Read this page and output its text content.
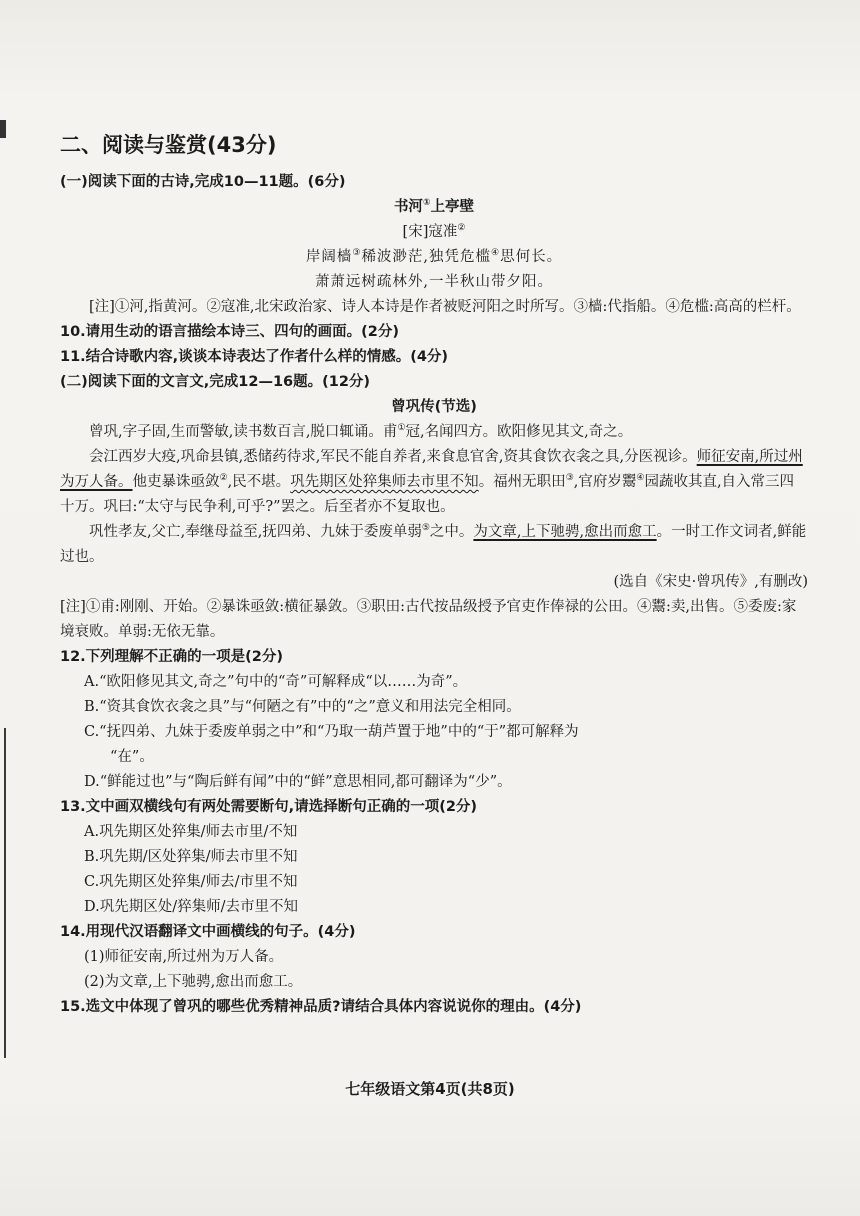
二、阅读与鉴赏(43分)

(一)阅读下面的古诗,完成10—11题。(6分)

书河①上亭壁

[宋]寇准②

岸阔樯③稀波渺茫,独凭危槛④思何长。

萧萧远树疏林外,一半秋山带夕阳。

[注]①河,指黄河。②寇准,北宋政治家、诗人本诗是作者被贬河阳之时所写。③樯:代指船。④危槛:高高的栏杆。

10.请用生动的语言描绘本诗三、四句的画面。(2分)

11.结合诗歌内容,谈谈本诗表达了作者什么样的情感。(4分)

(二)阅读下面的文言文,完成12—16题。(12分)

曾巩传(节选)

曾巩,字子固,生而警敏,读书数百言,脱口辄诵。甫①冠,名闻四方。欧阳修见其文,奇之。

会江西岁大疫,巩命县镇,悉储药待求,军民不能自养者,来食息官舍,资其食饮衣衾之具,分医视诊。师征安南,所过州为万人备。他吏暴诛亟敛②,民不堪。巩先期区处猝集师去市里不知。福州无职田③,官府岁鬻④园蔬收其直,自入常三四十万。巩曰:“太守与民争利,可乎?”罢之。后至者亦不复取也。

巩性孝友,父亡,奉继母益至,抚四弟、九妹于委废单弱⑤之中。为文章,上下驰骋,愈出而愈工。一时工作文词者,鲜能过也。

(选自《宋史·曾巩传》,有删改)

[注]①甫:刚刚、开始。②暴诛亟敛:横征暴敛。③职田:古代按品级授予官吏作俸禄的公田。④鬻:卖,出售。⑤委废:家境衰败。单弱:无依无靠。

12.下列理解不正确的一项是(2分)

A.“欧阳修见其文,奇之”句中的“奇”可解释成“以……为奇”。

B.“资其食饮衣衾之具”与“何陋之有”中的“之”意义和用法完全相同。

C.“抚四弟、九妹于委废单弱之中”和“乃取一葫芦置于地”中的“于”都可解释为

“在”。

D.“鲜能过也”与“陶后鲜有闻”中的“鲜”意思相同,都可翻译为“少”。

13.文中画双横线句有两处需要断句,请选择断句正确的一项(2分)

A.巩先期区处猝集/师去市里/不知

B.巩先期/区处猝集/师去市里不知

C.巩先期区处猝集/师去/市里不知

D.巩先期区处/猝集师/去市里不知

14.用现代汉语翻译文中画横线的句子。(4分)

(1)师征安南,所过州为万人备。

(2)为文章,上下驰骋,愈出而愈工。

15.选文中体现了曾巩的哪些优秀精神品质?请结合具体内容说说你的理由。(4分)

七年级语文第4页(共8页)
